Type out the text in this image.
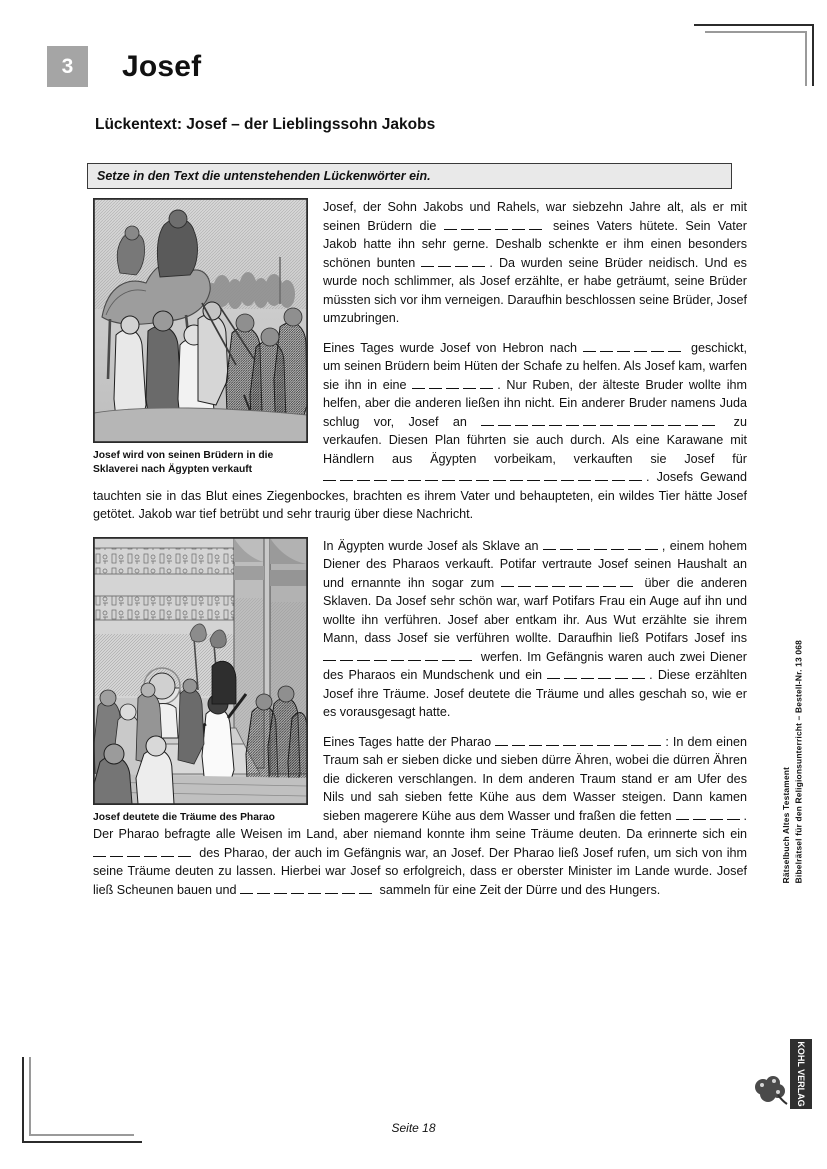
3	Josef
Lückentext: Josef – der Lieblingssohn Jakobs
Setze in den Text die untenstehenden Lückenwörter ein.
Josef wird von seinen Brüdern in die Sklaverei nach Ägypten verkauft

Josef, der Sohn Jakobs und Rahels, war siebzehn Jahre alt, als er mit seinen Brüdern die	seines Vaters hütete. Sein Vater Jakob hatte ihn sehr gerne. Deshalb schenkte er ihm einen besonders schönen bunten	. Da wurden seine Brüder neidisch. Und es wurde noch schlimmer, als Josef erzählte, er habe geträumt, seine Brüder müssten sich vor ihm verneigen. Daraufhin beschlossen seine Brüder, Josef umzubringen.

Eines Tages wurde Josef von Hebron nach	geschickt, um seinen Brüdern beim Hüten der Schafe zu helfen. Als Josef kam, warfen sie ihn in eine	. Nur Ruben, der älteste Bruder wollte ihm helfen, aber die anderen ließen ihn nicht. Ein anderer Bruder namens Juda schlug vor, Josef an	zu verkaufen. Diesen Plan führten sie auch durch. Als eine Karawane mit Händlern aus Ägypten vorbeikam, verkauften sie Josef für . Josefs Gewand tauchten sie in das Blut eines Ziegenbockes, brachten es ihrem Vater und behaupteten, ein wildes Tier hätte Josef getötet. Jakob war tief betrübt und sehr traurig über diese Nachricht.

Josef deutete die Träume des Pharao

In Ägypten wurde Josef als Sklave an	, einem hohem Diener des Pharaos verkauft. Potifar vertraute Josef seinen Haushalt an und ernannte ihn sogar zum	über die anderen Sklaven. Da Josef sehr schön war, warf Potifars Frau ein Auge auf ihn und wollte ihn verführen. Josef aber entkam ihr. Aus Wut erzählte sie ihrem Mann, dass Josef sie verführen wollte. Daraufhin ließ Potifars Josef ins  werfen. Im Gefängnis waren auch zwei Diener des Pharaos ein Mundschenk und ein	. Diese erzählten Josef ihre Träume. Josef deutete die Träume und alles geschah so, wie er es vorausgesagt hatte.

Eines Tages hatte der Pharao	: In dem einen Traum sah er sieben dicke und sieben dürre Ähren, wobei die dürren Ähren die dickeren verschlangen. In dem anderen Traum stand er am Ufer des Nils und sah sieben fette Kühe aus dem Wasser steigen. Dann kamen sieben magerere Kühe aus dem Wasser und fraßen die fetten	. Der Pharao befragte alle Weisen im Land, aber niemand konnte ihm seine Träume deuten. Da erinnerte sich ein  des Pharao, der auch im Gefängnis war, an Josef. Der Pharao ließ Josef rufen, um sich von ihm seine Träume deuten zu lassen. Hierbei war Josef so erfolgreich, dass er oberster Minister im Lande wurde. Josef ließ Scheunen bauen und	sammeln für eine Zeit der Dürre und des Hungers.

Rätselbuch Altes Testament Bibelrätsel für den Religionsunterricht – Bestell-Nr. 13 068
KOHL VERLAG
Seite 18
